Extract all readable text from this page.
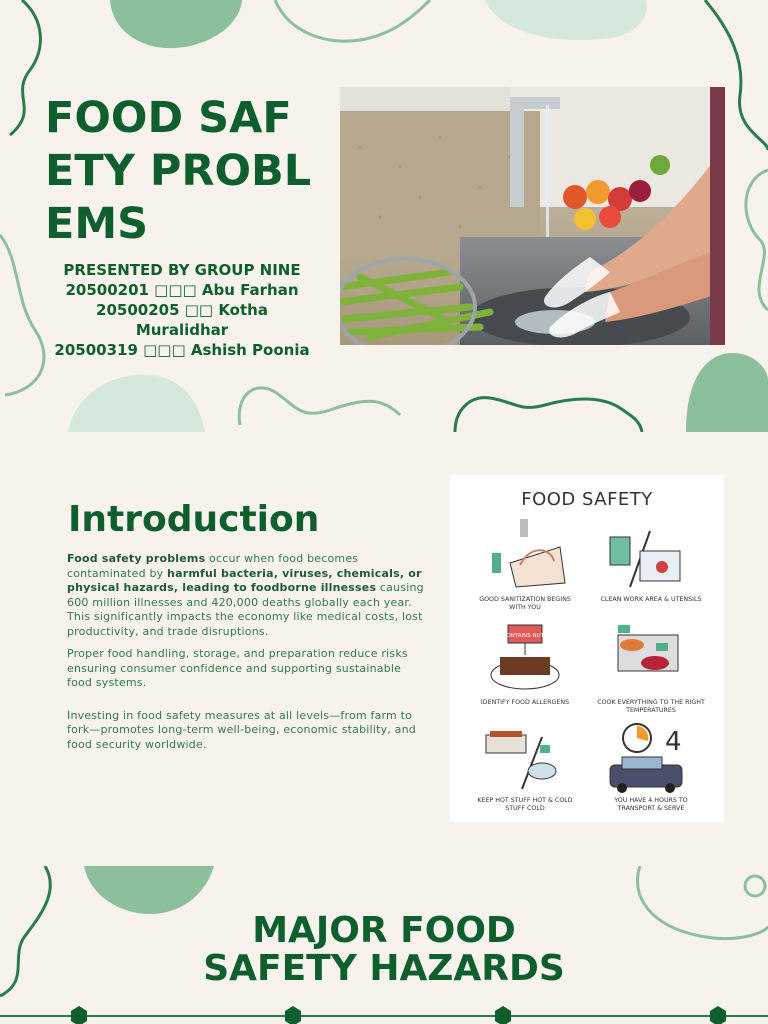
FOOD SAFETY PROBLEMS
PRESENTED BY GROUP NINE
20500201 □□□ Abu Farhan
20500205 □□ Kotha Muralidhar
20500319 □□□ Ashish Poonia
Introduction

Food safety problems occur when food becomes contaminated by harmful bacteria, viruses, chemicals, or physical hazards, leading to foodborne illnesses causing 600 million illnesses and 420,000 deaths globally each year. This significantly impacts the economy like medical costs, lost productivity, and trade disruptions.

Proper food handling, storage, and preparation reduce risks ensuring consumer confidence and supporting sustainable food systems.

Investing in food safety measures at all levels—from farm to fork—promotes long-term well-being, economic stability, and food security worldwide.

FOOD SAFETY
CONTAINS NUTS
4
GOOD SANITIZATION BEGINS WITH YOU
CLEAN WORK AREA & UTENSILS
IDENTIFY FOOD ALLERGENS	COOK EVERYTHING TO THE RIGHT TEMPERATURES
KEEP HOT STUFF HOT & COLD STUFF COLD
YOU HAVE 4 HOURS TO TRANSPORT & SERVE
MAJOR FOOD
SAFETY HAZARDS
